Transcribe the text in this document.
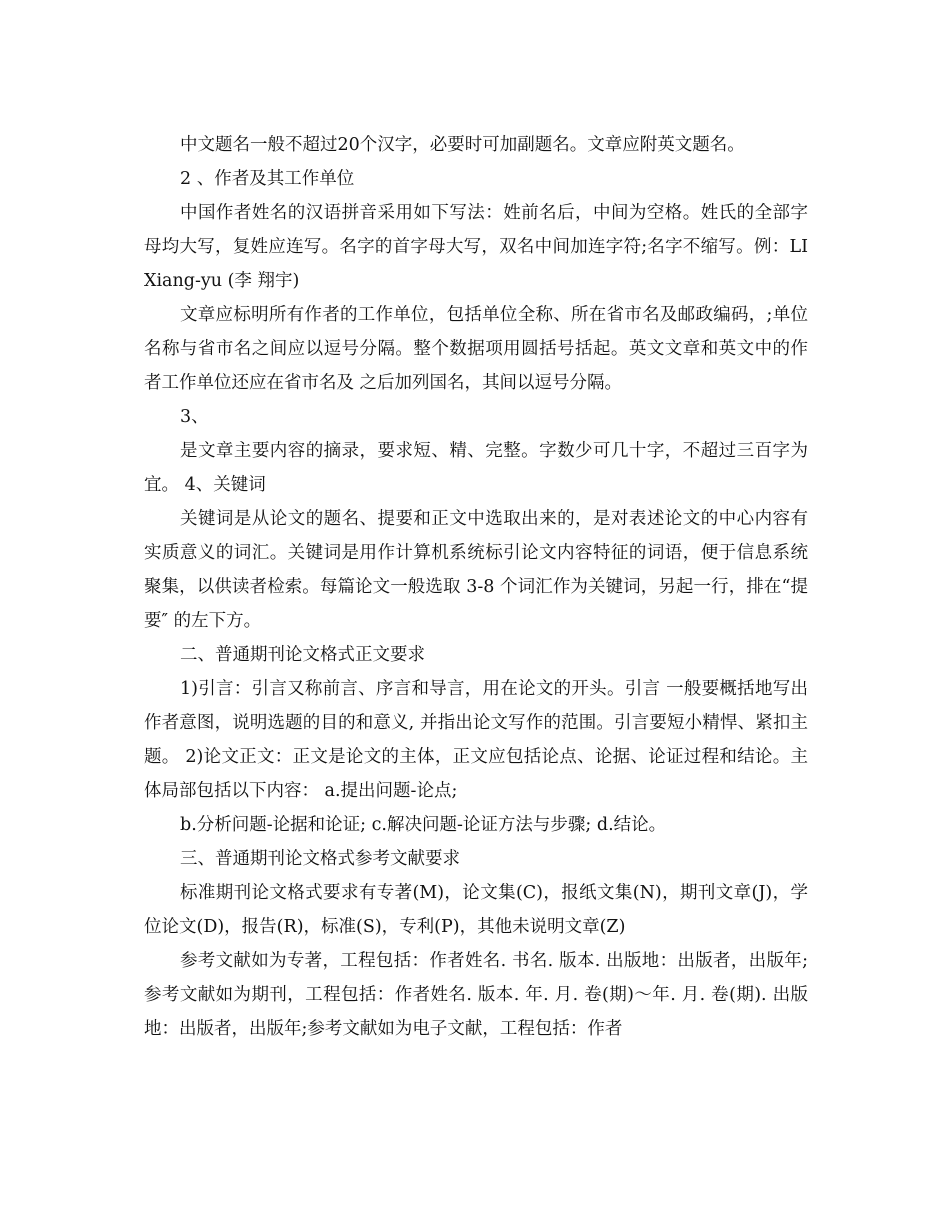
中文题名一般不超过20个汉字，必要时可加副题名。文章应附英文题名。

2 、作者及其工作单位

中国作者姓名的汉语拼音采用如下写法：姓前名后，中间为空格。姓氏的全部字母均大写，复姓应连写。名字的首字母大写，双名中间加连字符;名字不缩写。例：LI Xiang-yu (李 翔宇)

文章应标明所有作者的工作单位，包括单位全称、所在省市名及邮政编码，;单位名称与省市名之间应以逗号分隔。整个数据项用圆括号括起。英文文章和英文中的作者工作单位还应在省市名及 之后加列国名，其间以逗号分隔。

3、

是文章主要内容的摘录，要求短、精、完整。字数少可几十字，不超过三百字为宜。 4、关键词

关键词是从论文的题名、提要和正文中选取出来的，是对表述论文的中心内容有实质意义的词汇。关键词是用作计算机系统标引论文内容特征的词语，便于信息系统聚集，以供读者检索。每篇论文一般选取 3-8 个词汇作为关键词，另起一行，排在“提要″ 的左下方。

二、普通期刊论文格式正文要求

1)引言：引言又称前言、序言和导言，用在论文的开头。引言 一般要概括地写出作者意图，说明选题的目的和意义, 并指出论文写作的范围。引言要短小精悍、紧扣主题。 2)论文正文：正文是论文的主体，正文应包括论点、论据、论证过程和结论。主体局部包括以下内容： a.提出问题-论点;

b.分析问题-论据和论证; c.解决问题-论证方法与步骤; d.结论。

三、普通期刊论文格式参考文献要求

标准期刊论文格式要求有专著(M)，论文集(C)，报纸文集(N)，期刊文章(J)，学位论文(D)，报告(R)，标准(S)，专利(P)，其他未说明文章(Z)

参考文献如为专著，工程包括：作者姓名. 书名. 版本. 出版地：出版者，出版年;参考文献如为期刊，工程包括：作者姓名. 版本. 年. 月. 卷(期)～年. 月. 卷(期). 出版地：出版者，出版年;参考文献如为电子文献，工程包括：作者
